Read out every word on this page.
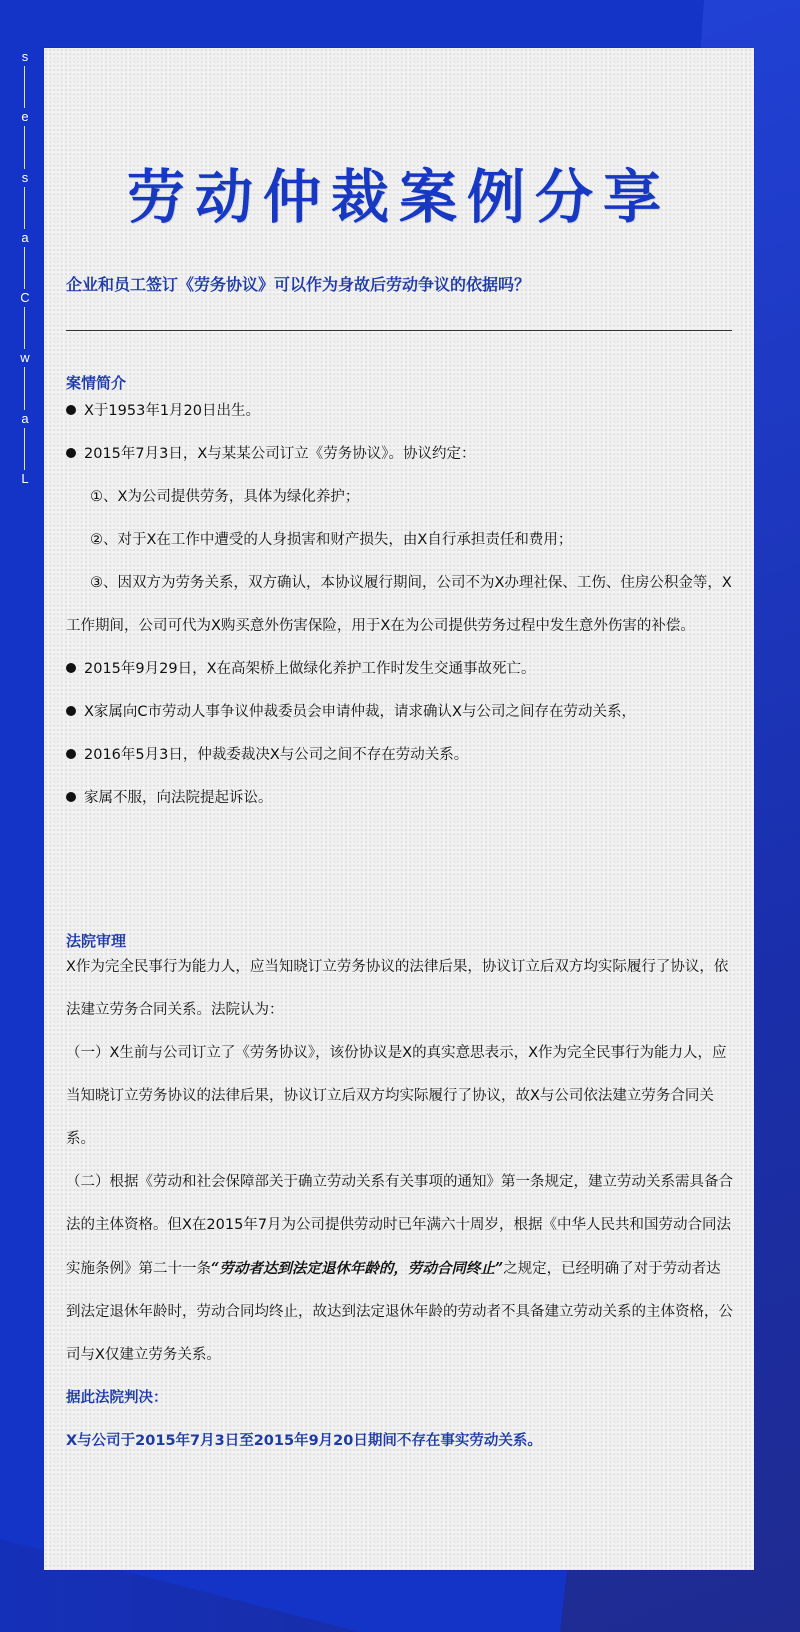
L
a
w
C
a
s
e
s
劳动仲裁案例分享
企业和员工签订《劳务协议》可以作为身故后劳动争议的依据吗？
案情简介

X于1953年1月20日出生。

2015年7月3日，X与某某公司订立《劳务协议》。协议约定：

①、X为公司提供劳务，具体为绿化养护；

②、对于X在工作中遭受的人身损害和财产损失，由X自行承担责任和费用；

③、因双方为劳务关系，双方确认，本协议履行期间，公司不为X办理社保、工伤、住房公积金等，X工作期间，公司可代为X购买意外伤害保险，用于X在为公司提供劳务过程中发生意外伤害的补偿。

2015年9月29日，X在高架桥上做绿化养护工作时发生交通事故死亡。

X家属向C市劳动人事争议仲裁委员会申请仲裁，请求确认X与公司之间存在劳动关系，

2016年5月3日，仲裁委裁决X与公司之间不存在劳动关系。

家属不服，向法院提起诉讼。

法院审理

X作为完全民事行为能力人，应当知晓订立劳务协议的法律后果，协议订立后双方均实际履行了协议，依法建立劳务合同关系。法院认为：

（一）X生前与公司订立了《劳务协议》，该份协议是X的真实意思表示，X作为完全民事行为能力人，应当知晓订立劳务协议的法律后果，协议订立后双方均实际履行了协议，故X与公司依法建立劳务合同关系。

（二）根据《劳动和社会保障部关于确立劳动关系有关事项的通知》第一条规定，建立劳动关系需具备合法的主体资格。但X在2015年7月为公司提供劳动时已年满六十周岁，根据《中华人民共和国劳动合同法实施条例》第二十一条“劳动者达到法定退休年龄的，劳动合同终止”之规定，已经明确了对于劳动者达到法定退休年龄时，劳动合同均终止，故达到法定退休年龄的劳动者不具备建立劳动关系的主体资格，公司与X仅建立劳务关系。

据此法院判决：

X与公司于2015年7月3日至2015年9月20日期间不存在事实劳动关系。
